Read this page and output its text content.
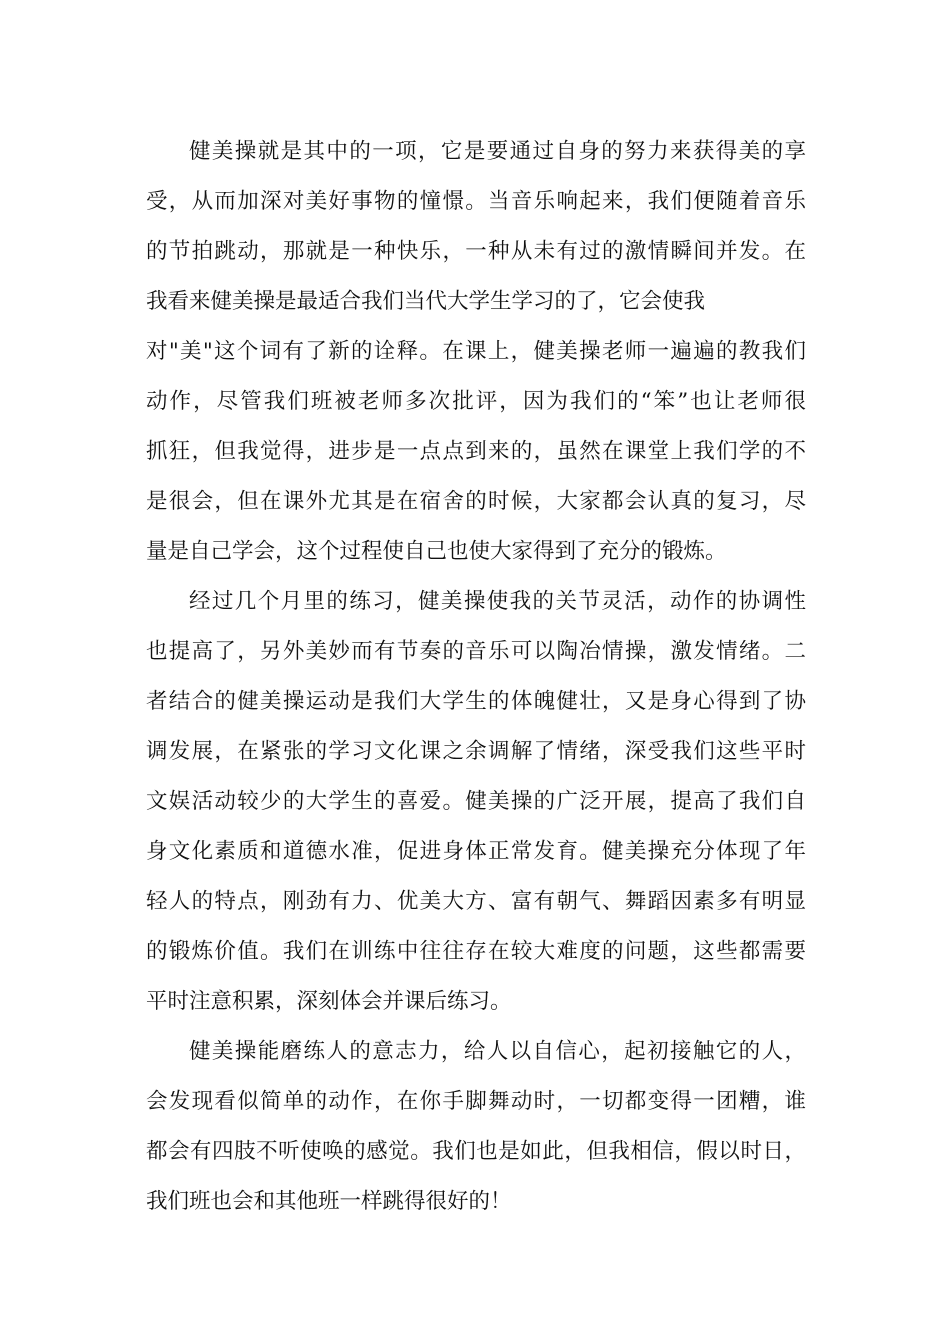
健美操就是其中的一项，它是要通过自身的努力来获得美的享
受，从而加深对美好事物的憧憬。当音乐响起来，我们便随着音乐
的节拍跳动，那就是一种快乐，一种从未有过的激情瞬间并发。在
我看来健美操是最适合我们当代大学生学习的了，它会使我
对"美"这个词有了新的诠释。在课上，健美操老师一遍遍的教我们
动作，尽管我们班被老师多次批评，因为我们的“笨”也让老师很
抓狂，但我觉得，进步是一点点到来的，虽然在课堂上我们学的不
是很会，但在课外尤其是在宿舍的时候，大家都会认真的复习，尽
量是自己学会，这个过程使自己也使大家得到了充分的锻炼。
经过几个月里的练习，健美操使我的关节灵活，动作的协调性
也提高了，另外美妙而有节奏的音乐可以陶冶情操，激发情绪。二
者结合的健美操运动是我们大学生的体魄健壮，又是身心得到了协
调发展，在紧张的学习文化课之余调解了情绪，深受我们这些平时
文娱活动较少的大学生的喜爱。健美操的广泛开展，提高了我们自
身文化素质和道德水准，促进身体正常发育。健美操充分体现了年
轻人的特点，刚劲有力、优美大方、富有朝气、舞蹈因素多有明显
的锻炼价值。我们在训练中往往存在较大难度的问题，这些都需要
平时注意积累，深刻体会并课后练习。
健美操能磨练人的意志力，给人以自信心，起初接触它的人，
会发现看似简单的动作，在你手脚舞动时，一切都变得一团糟，谁
都会有四肢不听使唤的感觉。我们也是如此，但我相信，假以时日，
我们班也会和其他班一样跳得很好的！
